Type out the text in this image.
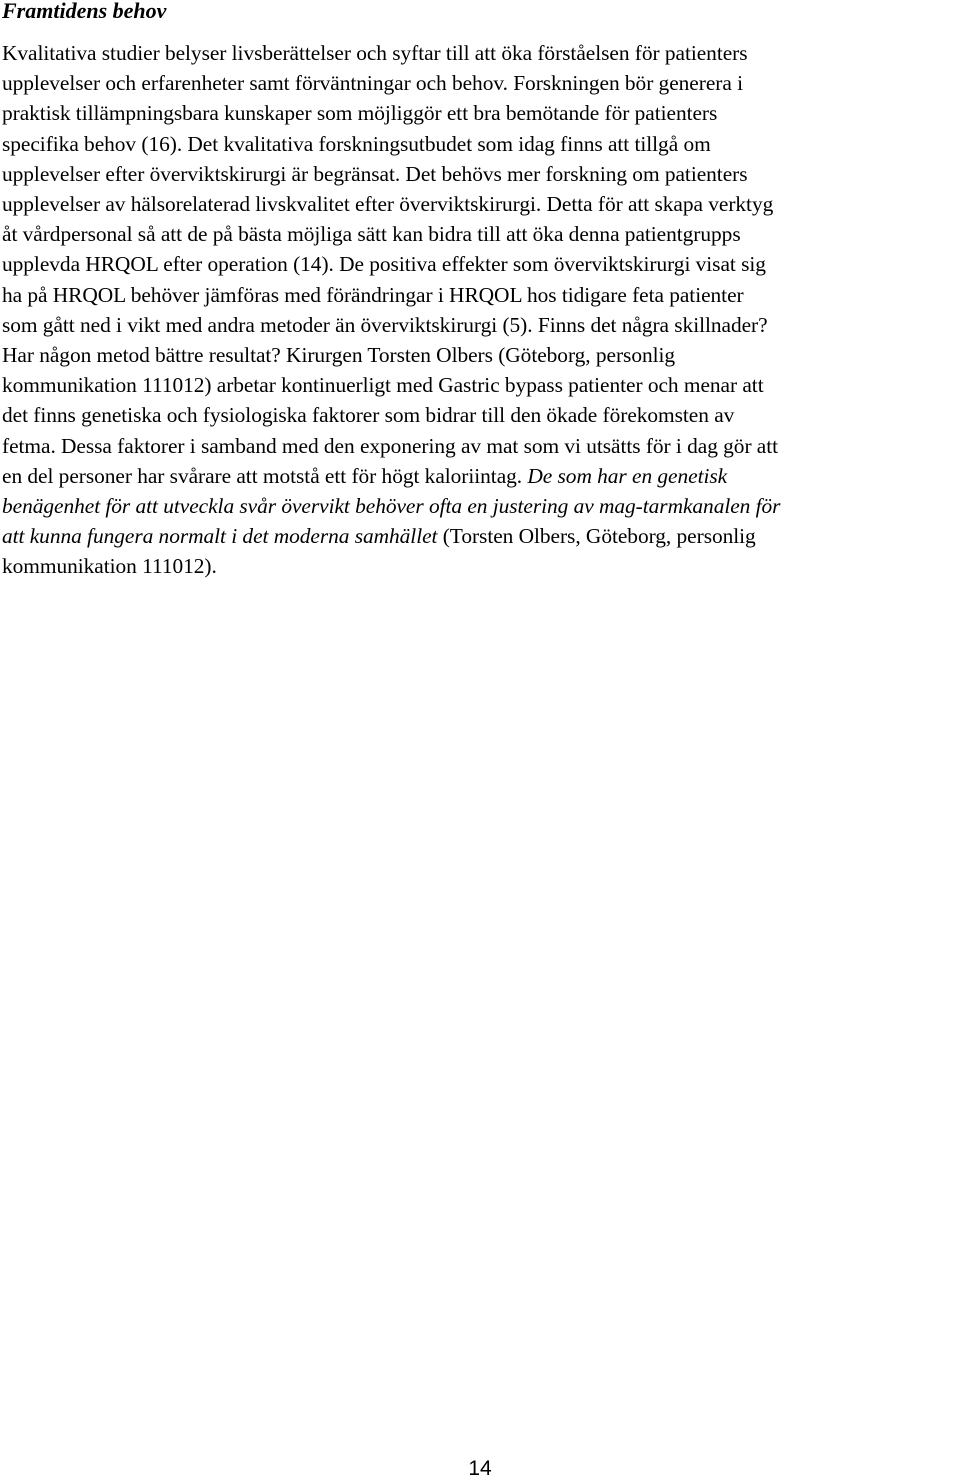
Framtidens behov
Kvalitativa studier belyser livsberättelser och syftar till att öka förståelsen för patienters
upplevelser och erfarenheter samt förväntningar och behov. Forskningen bör generera i
praktisk tillämpningsbara kunskaper som möjliggör ett bra bemötande för patienters
specifika behov (16). Det kvalitativa forskningsutbudet som idag finns att tillgå om
upplevelser efter överviktskirurgi är begränsat. Det behövs mer forskning om patienters
upplevelser av hälsorelaterad livskvalitet efter överviktskirurgi. Detta för att skapa verktyg
åt vårdpersonal så att de på bästa möjliga sätt kan bidra till att öka denna patientgrupps
upplevda HRQOL efter operation (14). De positiva effekter som överviktskirurgi visat sig
ha på HRQOL behöver jämföras med förändringar i HRQOL hos tidigare feta patienter
som gått ned i vikt med andra metoder än överviktskirurgi (5). Finns det några skillnader?
Har någon metod bättre resultat? Kirurgen Torsten Olbers (Göteborg, personlig
kommunikation 111012) arbetar kontinuerligt med Gastric bypass patienter och menar att
det finns genetiska och fysiologiska faktorer som bidrar till den ökade förekomsten av
fetma. Dessa faktorer i samband med den exponering av mat som vi utsätts för i dag gör att
en del personer har svårare att motstå ett för högt kaloriintag. De som har en genetisk
benägenhet för att utveckla svår övervikt behöver ofta en justering av mag-tarmkanalen för
att kunna fungera normalt i det moderna samhället (Torsten Olbers, Göteborg, personlig
kommunikation 111012).
14
